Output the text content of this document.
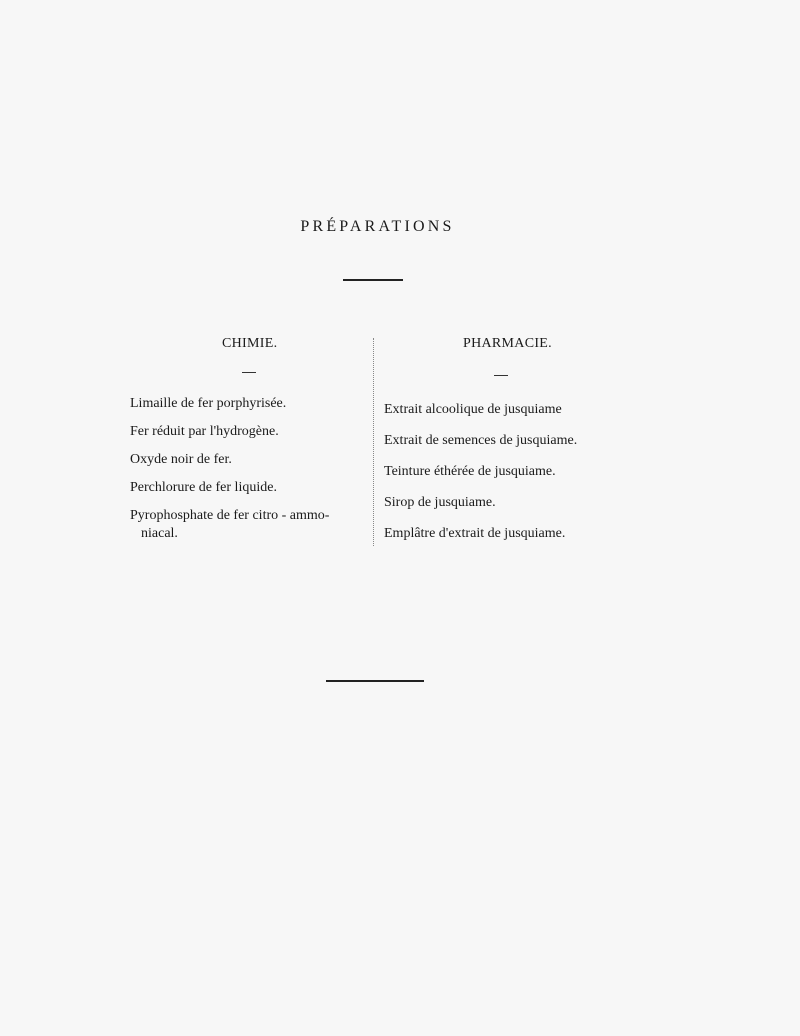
PRÉPARATIONS
CHIMIE.	PHARMACIE.
Limaille de fer porphyrisée.
Fer réduit par l'hydrogène.
Oxyde noir de fer.
Perchlorure de fer liquide.
Pyrophosphate de fer citro - ammo-
niacal.
Extrait alcoolique de jusquiame
Extrait de semences de jusquiame.
Teinture éthérée de jusquiame.
Sirop de jusquiame.
Emplâtre d'extrait de jusquiame.
